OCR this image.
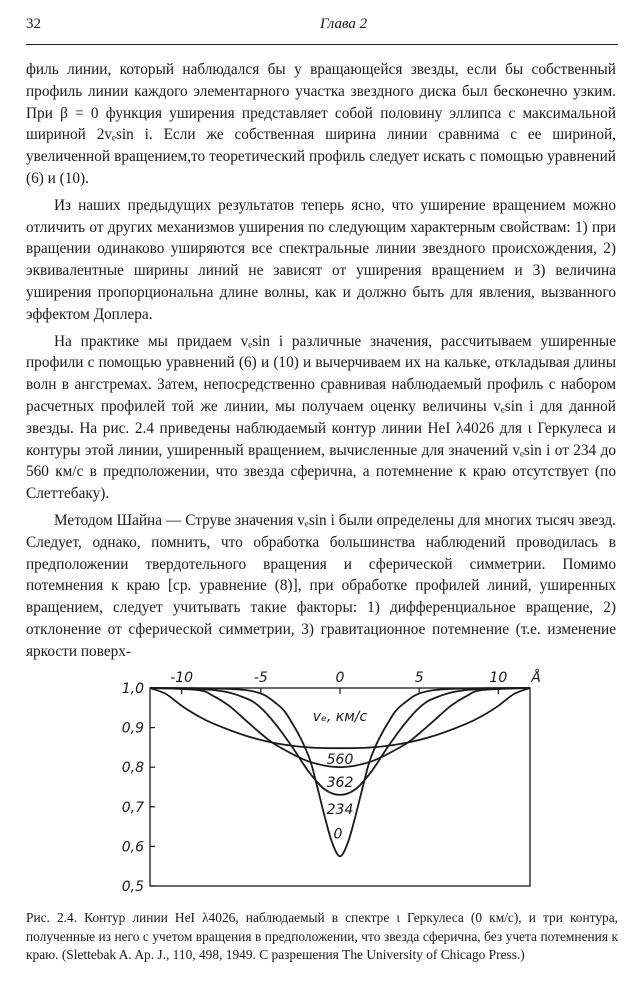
32	Глава 2

филь линии, который наблюдался бы у вращающейся звезды, если бы собственный профиль линии каждого элементарного участка звездного диска был бесконечно узким. При β = 0 функция уширения представляет собой половину эллипса с максимальной шириной 2vₑsin i. Если же собственная ширина линии сравнима с ее шириной, увеличенной вращением,то теоретический профиль следует искать с помощью уравнений (6) и (10).

Из наших предыдущих результатов теперь ясно, что уширение вращением можно отличить от других механизмов уширения по следующим характерным свойствам: 1) при вращении одинаково уширяются все спектральные линии звездного происхождения, 2) эквивалентные ширины линий не зависят от уширения вращением и 3) величина уширения пропорциональна длине волны, как и должно быть для явления, вызванного эффектом Доплера.

На практике мы придаем vₑsin i различные значения, рассчитываем уширенные профили с помощью уравнений (6) и (10) и вычерчиваем их на кальке, откладывая длины волн в ангстремах. Затем, непосредственно сравнивая наблюдаемый профиль с набором расчетных профилей той же линии, мы получаем оценку величины vₑsin i для данной звезды. На рис. 2.4 приведены наблюдаемый контур линии HeI λ4026 для ι Геркулеса и контуры этой линии, уширенный вращением, вычисленные для значений vₑsin i от 234 до 560 км/с в предположении, что звезда сферична, а потемнение к краю отсутствует (по Слеттебаку).

Методом Шайна — Струве значения vₑsin i были определены для многих тысяч звезд. Следует, однако, помнить, что обработка большинства наблюдений проводилась в предположении твердотельного вращения и сферической симметрии. Помимо потемнения к краю [ср. уравнение (8)], при обработке профилей линий, уширенных вращением, следует учитывать такие факторы: 1) дифференциальное вращение, 2) отклонение от сферической симметрии, 3) гравитационное потемнение (т.е. изменение яркости поверх-

-10	-5	0	5	10
1,0
0,9
0,8
0,7
0,6
0,5
560
362
234
0
Å
vₑ, км/с
Рис. 2.4. Контур линии HeI λ4026, наблюдаемый в спектре ι Геркулеса (0 км/с), и три контура, полученные из него с учетом вращения в предположении, что звезда сферична, без учета потемнения к краю. (Slettebak A. Ap. J., 110, 498, 1949. С разрешения The University of Chicago Press.)
